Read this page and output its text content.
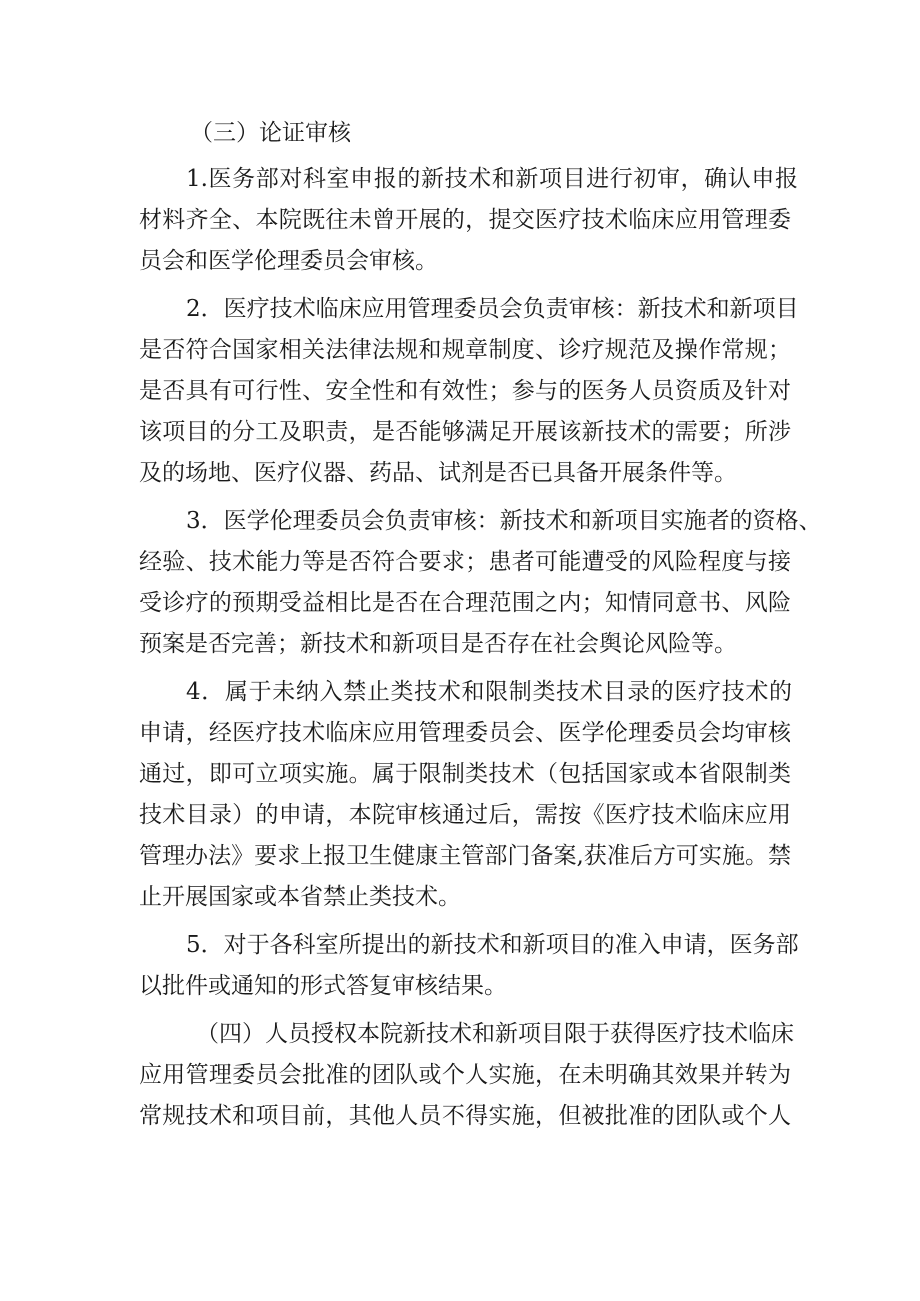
（三）论证审核

1.医务部对科室申报的新技术和新项目进行初审，确认申报

材料齐全、本院既往未曾开展的，提交医疗技术临床应用管理委

员会和医学伦理委员会审核。

2．医疗技术临床应用管理委员会负责审核：新技术和新项目

是否符合国家相关法律法规和规章制度、诊疗规范及操作常规；

是否具有可行性、安全性和有效性；参与的医务人员资质及针对

该项目的分工及职责，是否能够满足开展该新技术的需要；所涉

及的场地、医疗仪器、药品、试剂是否已具备开展条件等。

3．医学伦理委员会负责审核：新技术和新项目实施者的资格、

经验、技术能力等是否符合要求；患者可能遭受的风险程度与接

受诊疗的预期受益相比是否在合理范围之内；知情同意书、风险

预案是否完善；新技术和新项目是否存在社会舆论风险等。

4．属于未纳入禁止类技术和限制类技术目录的医疗技术的

申请，经医疗技术临床应用管理委员会、医学伦理委员会均审核

通过，即可立项实施。属于限制类技术（包括国家或本省限制类

技术目录）的申请，本院审核通过后，需按《医疗技术临床应用

管理办法》要求上报卫生健康主管部门备案,获准后方可实施。禁

止开展国家或本省禁止类技术。

5．对于各科室所提出的新技术和新项目的准入申请，医务部

以批件或通知的形式答复审核结果。

（四）人员授权本院新技术和新项目限于获得医疗技术临床

应用管理委员会批准的团队或个人实施，在未明确其效果并转为

常规技术和项目前，其他人员不得实施，但被批准的团队或个人
